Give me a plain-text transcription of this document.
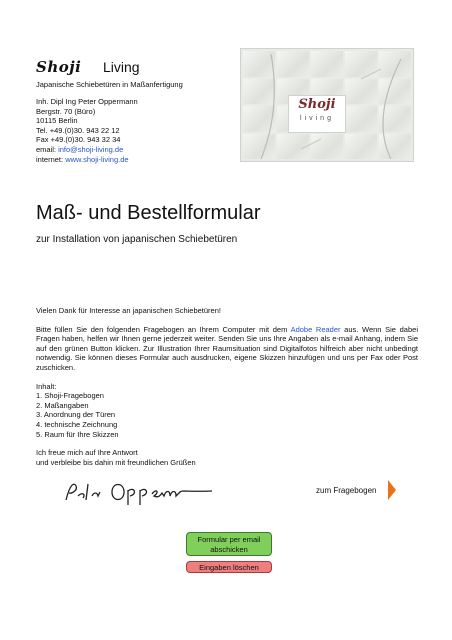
Shoji Living
Japanische Schiebetüren in Maßanfertigung
Inh. Dipl Ing Peter Oppermann
Bergstr. 70 (Büro)
10115 Berlin
Tel. +49.(0)30. 943 22 12
Fax +49.(0)30. 943 32 34
email: info@shoji-living.de
internet: www.shoji-living.de
Shoji
living
Maß- und Bestellformular
zur Installation von japanischen Schiebetüren

Vielen Dank für Interesse an japanischen Schiebetüren!

Bitte füllen Sie den folgenden Fragebogen an Ihrem Computer mit dem Adobe Reader aus. Wenn Sie dabei Fragen haben, helfen wir Ihnen gerne jederzeit weiter. Senden Sie uns Ihre Angaben als e-mail Anhang, indem Sie auf den grünen Button klicken. Zur Illustration Ihrer Raumsituation sind Digitalfotos hilfreich aber nicht unbedingt notwendig. Sie können dieses Formular auch ausdrucken, eigene Skizzen hinzufügen und uns per Fax oder Post zuschicken.

Inhalt:
1. Shoji-Fragebogen
2. Maßangaben
3. Anordnung der Türen
4. technische Zeichnung
5. Raum für Ihre Skizzen
Ich freue mich auf Ihre Antwort
und verbleibe bis dahin mit freundlichen Grüßen
zum Fragebogen
Formular per email abschicken
Eingaben löschen
